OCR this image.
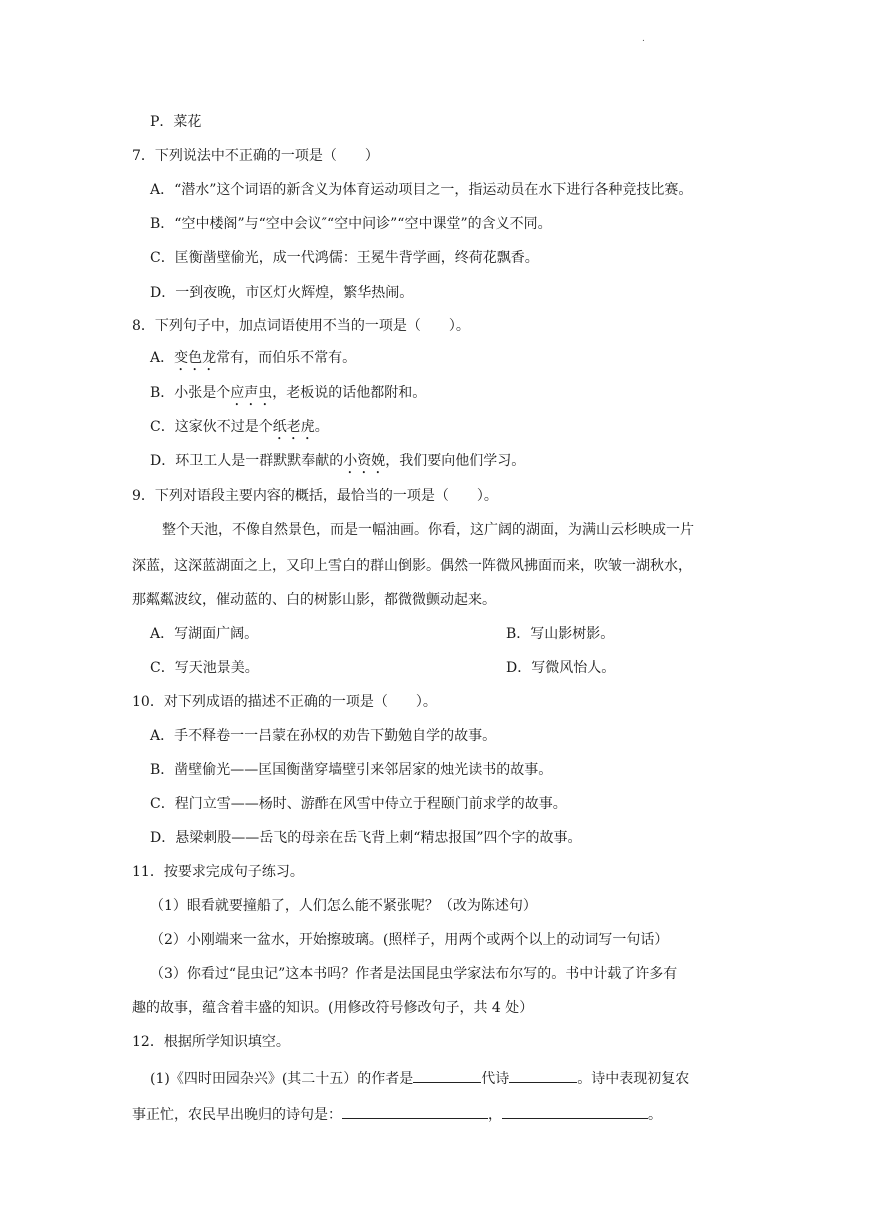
.
P．菜花
7．下列说法中不正确的一项是（　　）
A．“潜水”这个词语的新含义为体育运动项目之一，指运动员在水下进行各种竞技比赛。
B．“空中楼阁”与“空中会议″“空中问诊”“空中课堂”的含义不同。
C．匡衡凿壁偷光，成一代鸿儒：王冕牛背学画，终荷花飘香。
D．一到夜晚，市区灯火辉煌，繁华热闹。
8．下列句子中，加点词语使用不当的一项是（　　）。
A．变色龙常有，而伯乐不常有。
B．小张是个应声虫，老板说的话他都附和。
C．这家伙不过是个纸老虎。
D．环卫工人是一群默默奉献的小资娩，我们要向他们学习。
9．下列对语段主要内容的概括，最恰当的一项是（　　）。
整个天池，不像自然景色，而是一幅油画。你看，这广阔的湖面，为满山云杉映成一片
深蓝，这深蓝湖面之上，又印上雪白的群山倒影。偶然一阵微风拂面而来，吹皱一湖秋水，
那粼粼波纹，催动蓝的、白的树影山影，都微微颤动起来。
A．写湖面广阔。	B．写山影树影。
C．写天池景美。	D．写微风怡人。
10．对下列成语的描述不正确的一项是（　　）。
A．手不释卷一一吕蒙在孙权的劝告下勤勉自学的故事。
B．凿壁偷光——匡国衡凿穿墙壁引来邻居家的烛光读书的故事。
C．程门立雪——杨时、游酢在风雪中侍立于程颐门前求学的故事。
D．悬梁刺股——岳飞的母亲在岳飞背上刺“精忠报国”四个字的故事。
11．按要求完成句子练习。
（1）眼看就要撞船了，人们怎么能不紧张呢？（改为陈述句）
（2）小刚端来一盆水，开始擦玻璃。(照样子，用两个或两个以上的动词写一句话）
（3）你看过“昆虫记”这本书吗？作者是法国昆虫学家法布尔写的。书中计载了许多有
趣的故事，蕴含着丰盛的知识。(用修改符号修改句子，共 4 处）
12．根据所学知识填空。
(1)《四时田园杂兴》(其二十五）的作者是	代诗	。诗中表现初复农
事正忙，农民早出晚归的诗句是：	，	。
